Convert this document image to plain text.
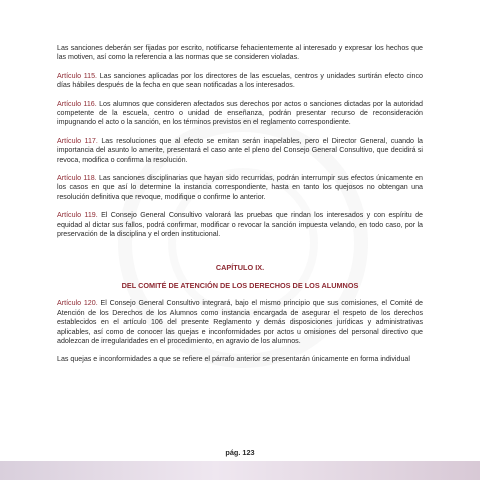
Las sanciones deberán ser fijadas por escrito, notificarse fehacientemente al interesado y expresar los hechos que las motiven, así como la referencia a las normas que se consideren violadas.

Artículo 115. Las sanciones aplicadas por los directores de las escuelas, centros y unidades surtirán efecto cinco días hábiles después de la fecha en que sean notificadas a los interesados.

Artículo 116. Los alumnos que consideren afectados sus derechos por actos o sanciones dictadas por la autoridad competente de la escuela, centro o unidad de enseñanza, podrán presentar recurso de reconsideración impugnando el acto o la sanción, en los términos previstos en el reglamento correspondiente.

Artículo 117. Las resoluciones que al efecto se emitan serán inapelables, pero el Director General, cuando la importancia del asunto lo amerite, presentará el caso ante el pleno del Consejo General Consultivo, que decidirá si revoca, modifica o confirma la resolución.

Artículo 118. Las sanciones disciplinarias que hayan sido recurridas, podrán interrumpir sus efectos únicamente en los casos en que así lo determine la instancia correspondiente, hasta en tanto los quejosos no obtengan una resolución definitiva que revoque, modifique o confirme lo anterior.

Artículo 119. El Consejo General Consultivo valorará las pruebas que rindan los interesados y con espíritu de equidad al dictar sus fallos, podrá confirmar, modificar o revocar la sanción impuesta velando, en todo caso, por la preservación de la disciplina y el orden institucional.

CAPÍTULO IX.
DEL COMITÉ DE ATENCIÓN DE LOS DERECHOS DE LOS ALUMNOS

Artículo 120. El Consejo General Consultivo integrará, bajo el mismo principio que sus comisiones, el Comité de Atención de los Derechos de los Alumnos como instancia encargada de asegurar el respeto de los derechos establecidos en el artículo 106 del presente Reglamento y demás disposiciones jurídicas y administrativas aplicables, así como de conocer las quejas e inconformidades por actos u omisiones del personal directivo que adolezcan de irregularidades en el procedimiento, en agravio de los alumnos.

Las quejas e inconformidades a que se refiere el párrafo anterior se presentarán únicamente en forma individual

pág. 123
